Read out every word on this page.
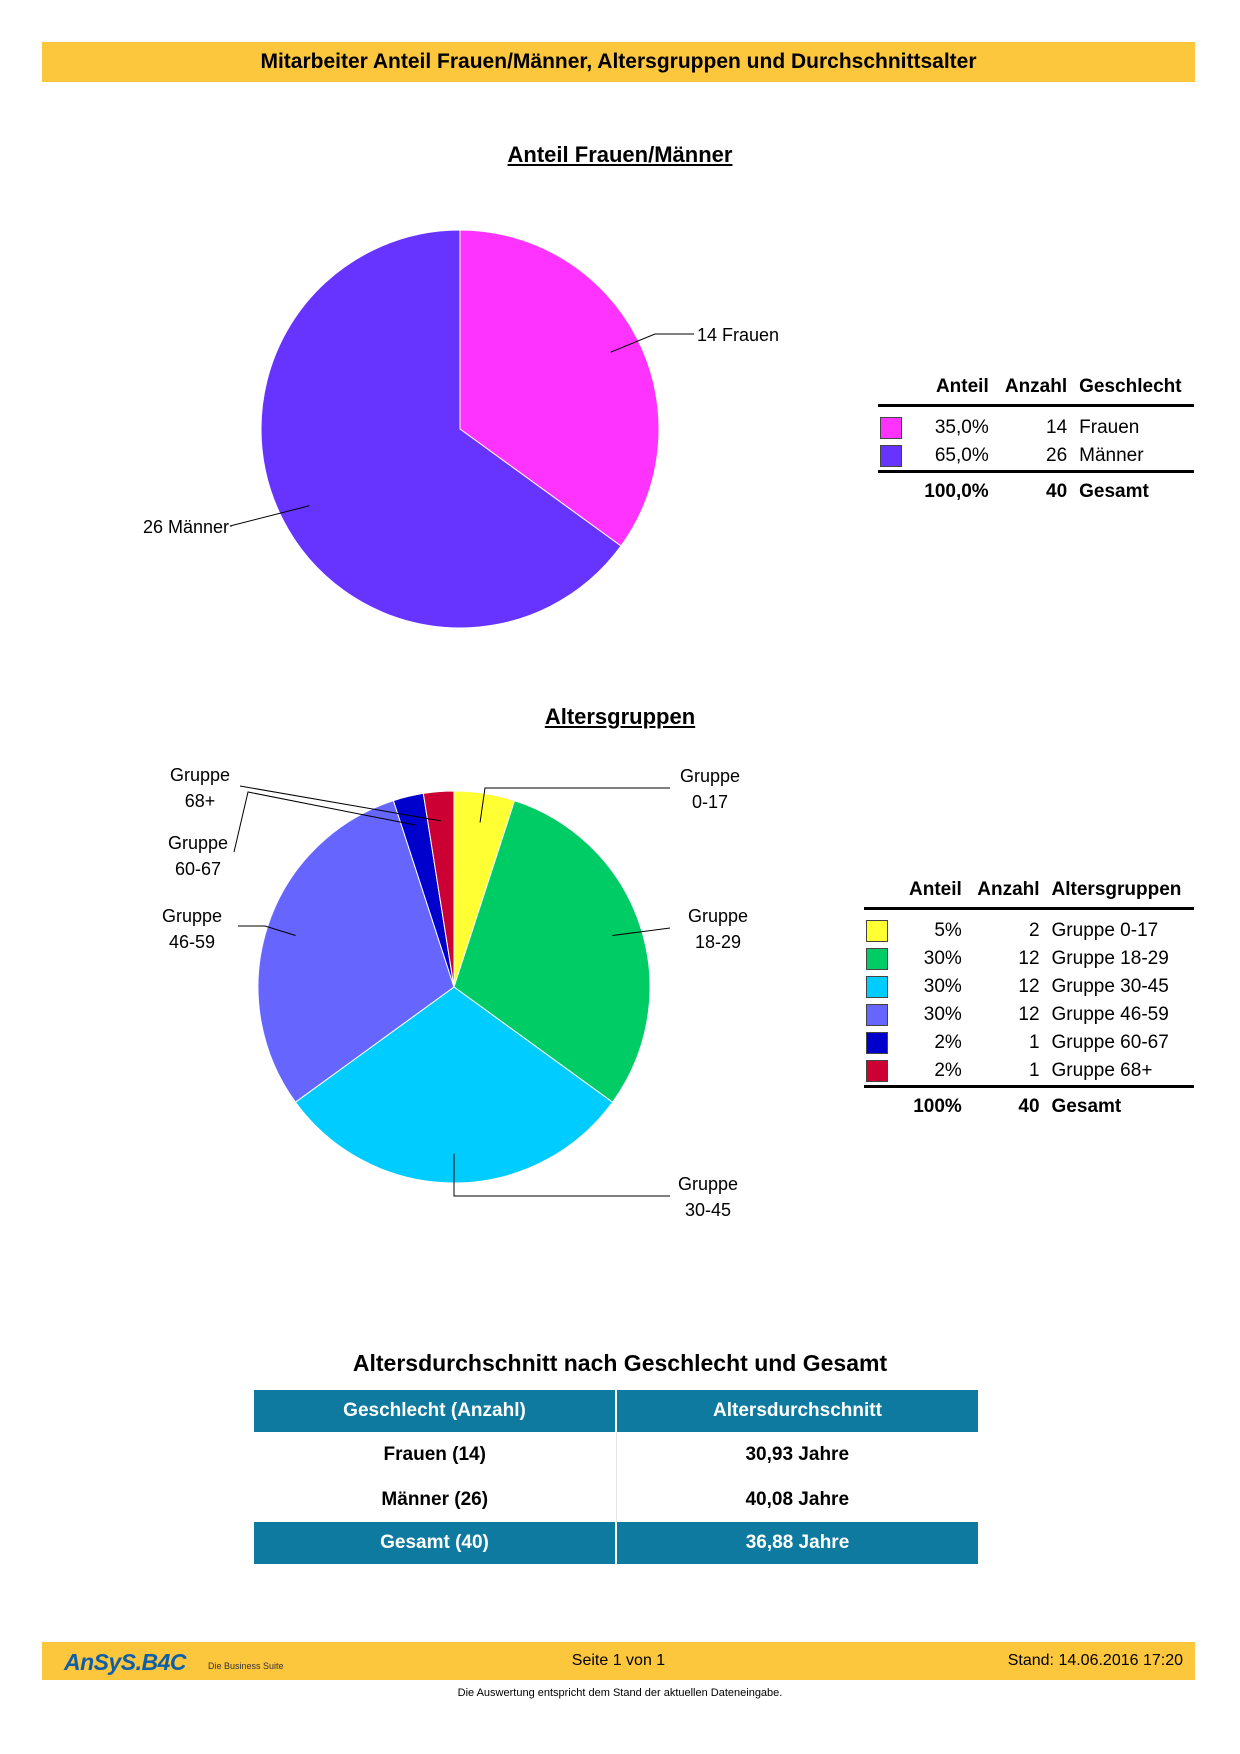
Mitarbeiter Anteil Frauen/Männer, Altersgruppen und Durchschnittsalter
Anteil Frauen/Männer
14 Frauen
26 Männer
	Anteil	Anzahl	Geschlecht

	35,0%	14	Frauen

	65,0%	26	Männer
	100,0%	40	Gesamt
Altersgruppen
Gruppe
0-17
Gruppe
18-29
Gruppe
30-45
Gruppe
46-59
Gruppe
60-67
Gruppe
68+
	Anteil	Anzahl	Altersgruppen

	5%	2	Gruppe 0-17

	30%	12	Gruppe 18-29

	30%	12	Gruppe 30-45

	30%	12	Gruppe 46-59

	2%	1	Gruppe 60-67

	2%	1	Gruppe 68+
	100%	40	Gesamt
Altersdurchschnitt nach Geschlecht und Gesamt
Geschlecht (Anzahl)	Altersdurchschnitt
Frauen (14)	30,93 Jahre
Männer (26)	40,08 Jahre
Gesamt (40)	36,88 Jahre
AnSyS.B4C Die Business Suite	Seite 1 von 1	Stand: 14.06.2016 17:20
Die Auswertung entspricht dem Stand der aktuellen Dateneingabe.
